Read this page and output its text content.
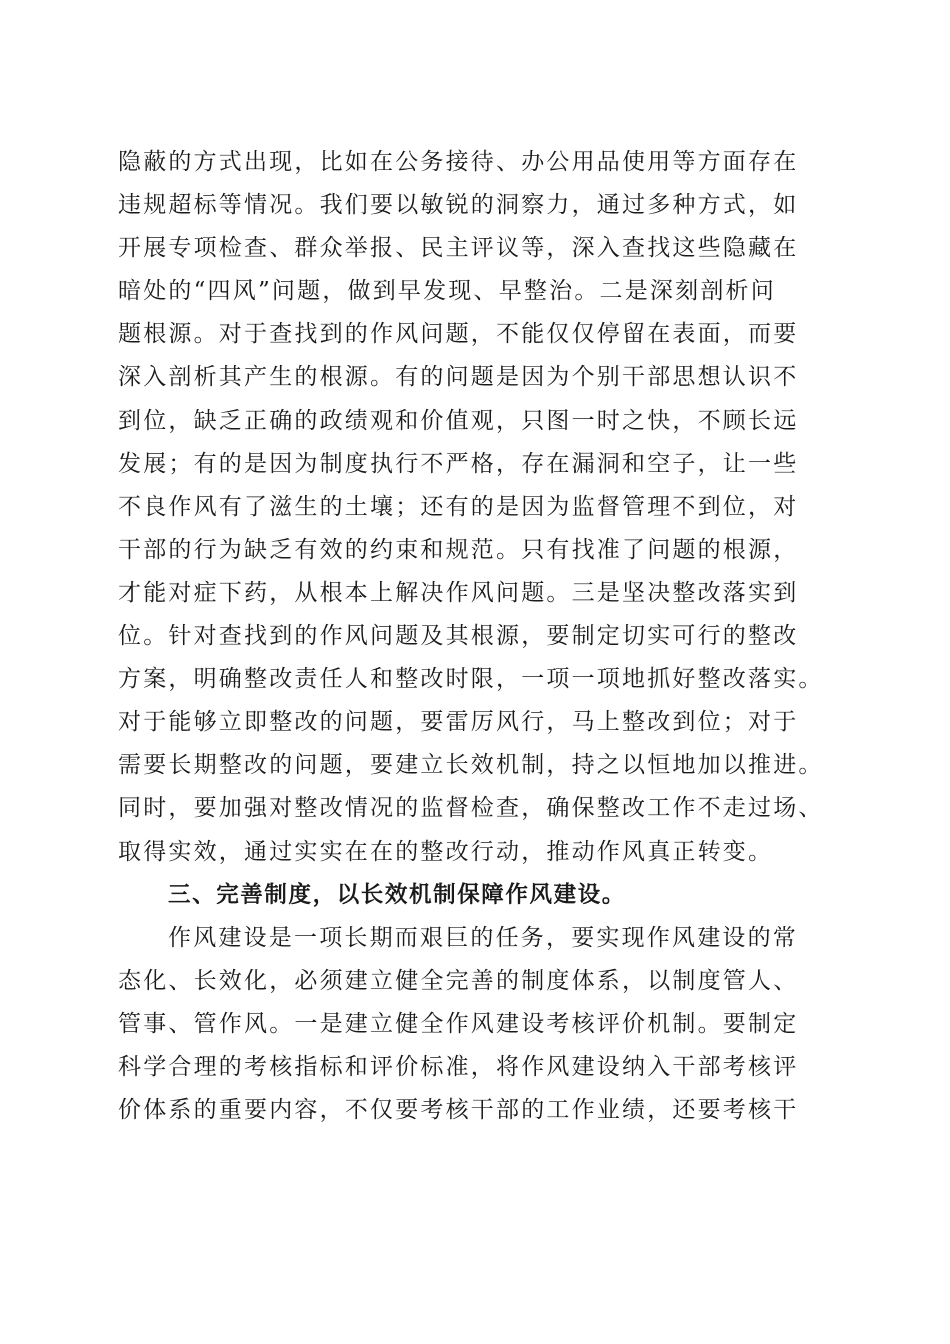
隐蔽的方式出现，比如在公务接待、办公用品使用等方面存在
违规超标等情况。我们要以敏锐的洞察力，通过多种方式，如
开展专项检查、群众举报、民主评议等，深入查找这些隐藏在
暗处的“四风”问题，做到早发现、早整治。二是深刻剖析问
题根源。对于查找到的作风问题，不能仅仅停留在表面，而要
深入剖析其产生的根源。有的问题是因为个别干部思想认识不
到位，缺乏正确的政绩观和价值观，只图一时之快，不顾长远
发展；有的是因为制度执行不严格，存在漏洞和空子，让一些
不良作风有了滋生的土壤；还有的是因为监督管理不到位，对
干部的行为缺乏有效的约束和规范。只有找准了问题的根源，
才能对症下药，从根本上解决作风问题。三是坚决整改落实到
位。针对查找到的作风问题及其根源，要制定切实可行的整改
方案，明确整改责任人和整改时限，一项一项地抓好整改落实。
对于能够立即整改的问题，要雷厉风行，马上整改到位；对于
需要长期整改的问题，要建立长效机制，持之以恒地加以推进。
同时，要加强对整改情况的监督检查，确保整改工作不走过场、
取得实效，通过实实在在的整改行动，推动作风真正转变。
三、完善制度，以长效机制保障作风建设。
作风建设是一项长期而艰巨的任务，要实现作风建设的常
态化、长效化，必须建立健全完善的制度体系，以制度管人、
管事、管作风。一是建立健全作风建设考核评价机制。要制定
科学合理的考核指标和评价标准，将作风建设纳入干部考核评
价体系的重要内容，不仅要考核干部的工作业绩，还要考核干
